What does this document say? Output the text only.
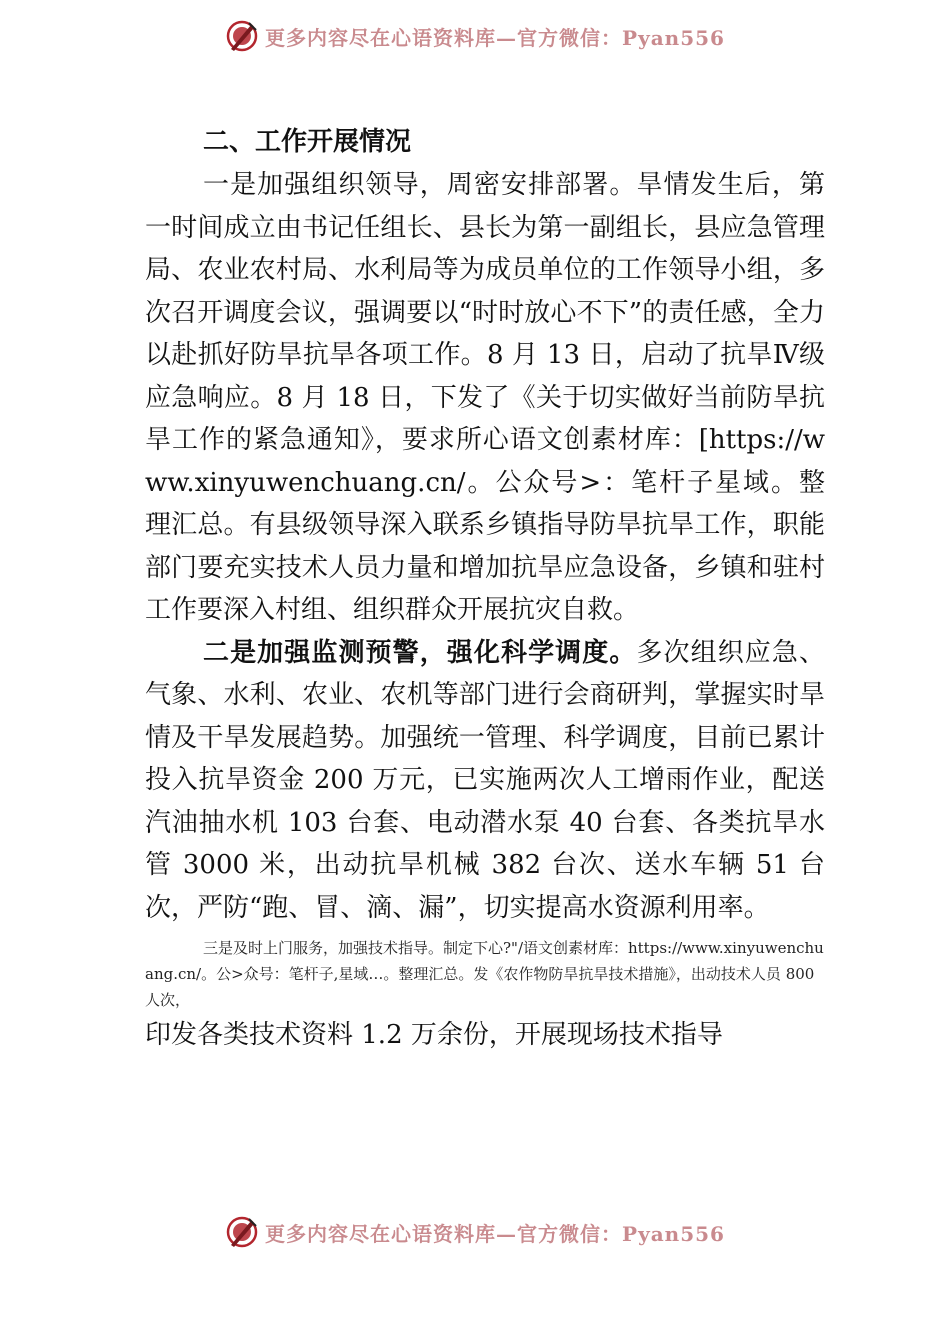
更多内容尽在心语资料库—官方微信：Pyan556

二、工作开展情况

一是加强组织领导，周密安排部署。旱情发生后，第一时间成立由书记任组长、县长为第一副组长，县应急管理局、农业农村局、水利局等为成员单位的工作领导小组，多次召开调度会议，强调要以“时时放心不下”的责任感，全力以赴抓好防旱抗旱各项工作。8 月 13 日，启动了抗旱Ⅳ级应急响应。8 月 18 日，下发了《关于切实做好当前防旱抗旱工作的紧急通知》，要求所心语文创素材库：[https://www.xinyuwenchuang.cn/。公众号>：笔杆子星域。整理汇总。有县级领导深入联系乡镇指导防旱抗旱工作，职能部门要充实技术人员力量和增加抗旱应急设备，乡镇和驻村工作要深入村组、组织群众开展抗灾自救。

二是加强监测预警，强化科学调度。多次组织应急、气象、水利、农业、农机等部门进行会商研判，掌握实时旱情及干旱发展趋势。加强统一管理、科学调度，目前已累计投入抗旱资金 200 万元，已实施两次人工增雨作业，配送汽油抽水机 103 台套、电动潜水泵 40 台套、各类抗旱水管 3000 米，出动抗旱机械 382 台次、送水车辆 51 台次，严防“跑、冒、滴、漏”，切实提高水资源利用率。

三是及时上门服务，加强技术指导。制定下心?"/语文创素材库：https://www.xinyuwenchuang.cn/。公>众号：笔杆子,星域…。整理汇总。发《农作物防旱抗旱技术措施》，出动技术人员 800 人次，

印发各类技术资料 1.2 万余份，开展现场技术指导

更多内容尽在心语资料库—官方微信：Pyan556
